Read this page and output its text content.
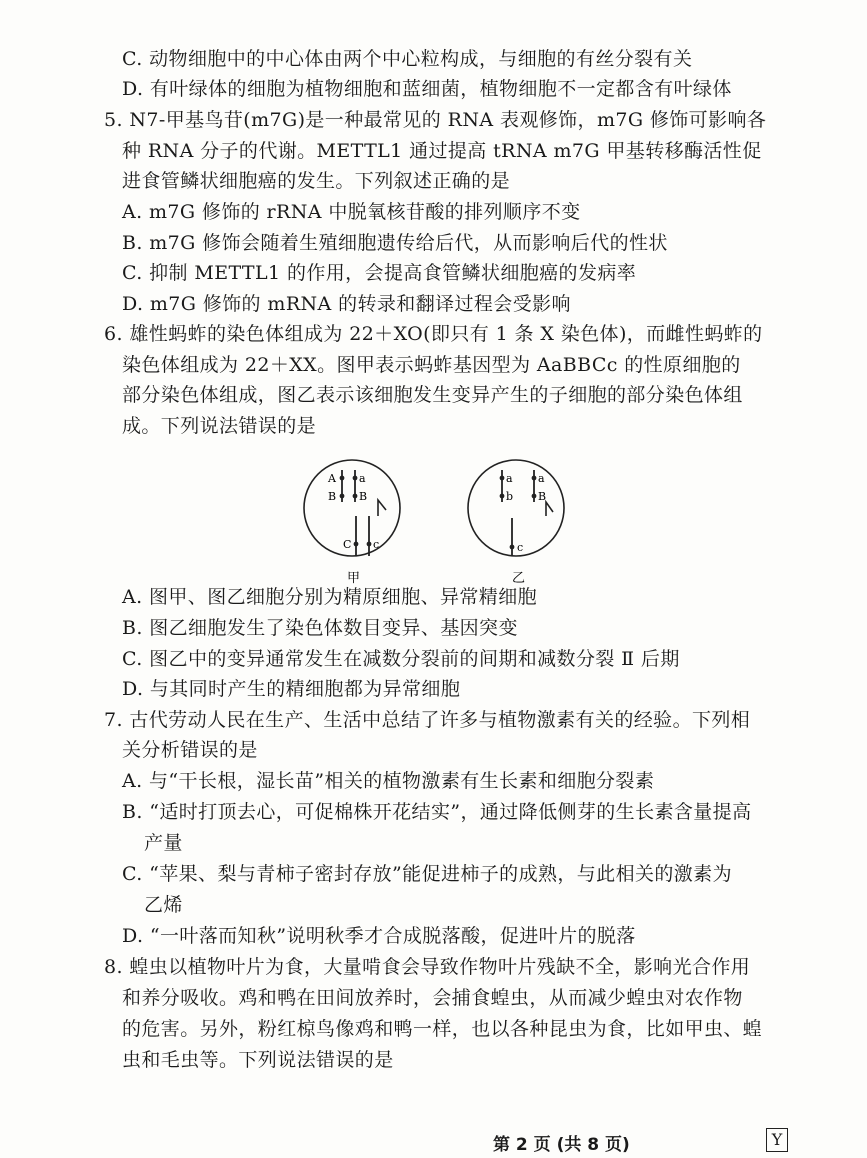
C. 动物细胞中的中心体由两个中心粒构成，与细胞的有丝分裂有关
D. 有叶绿体的细胞为植物细胞和蓝细菌，植物细胞不一定都含有叶绿体
5. N7-甲基鸟苷(m7G)是一种最常见的 RNA 表观修饰，m7G 修饰可影响各
种 RNA 分子的代谢。METTL1 通过提高 tRNA m7G 甲基转移酶活性促
进食管鳞状细胞癌的发生。下列叙述正确的是
A. m7G 修饰的 rRNA 中脱氧核苷酸的排列顺序不变
B. m7G 修饰会随着生殖细胞遗传给后代，从而影响后代的性状
C. 抑制 METTL1 的作用，会提高食管鳞状细胞癌的发病率
D. m7G 修饰的 mRNA 的转录和翻译过程会受影响
6. 雄性蚂蚱的染色体组成为 22＋XO(即只有 1 条 X 染色体)，而雌性蚂蚱的
染色体组成为 22＋XX。图甲表示蚂蚱基因型为 AaBBCc 的性原细胞的
部分染色体组成，图乙表示该细胞发生变异产生的子细胞的部分染色体组
成。下列说法错误的是
A. 图甲、图乙细胞分别为精原细胞、异常精细胞
B. 图乙细胞发生了染色体数目变异、基因突变
C. 图乙中的变异通常发生在减数分裂前的间期和减数分裂 Ⅱ 后期
D. 与其同时产生的精细胞都为异常细胞
7. 古代劳动人民在生产、生活中总结了许多与植物激素有关的经验。下列相
关分析错误的是
A. 与“干长根，湿长苗”相关的植物激素有生长素和细胞分裂素
B. “适时打顶去心，可促棉株开花结实”，通过降低侧芽的生长素含量提高
产量
C. “苹果、梨与青柿子密封存放”能促进柿子的成熟，与此相关的激素为
乙烯
D. “一叶落而知秋”说明秋季才合成脱落酸，促进叶片的脱落
8. 蝗虫以植物叶片为食，大量啃食会导致作物叶片残缺不全，影响光合作用
和养分吸收。鸡和鸭在田间放养时，会捕食蝗虫，从而减少蝗虫对农作物
的危害。另外，粉红椋鸟像鸡和鸭一样，也以各种昆虫为食，比如甲虫、蝗
虫和毛虫等。下列说法错误的是
A a
B B
C c
a a
b B
c
甲	乙
第 2 页 (共 8 页)	Y
